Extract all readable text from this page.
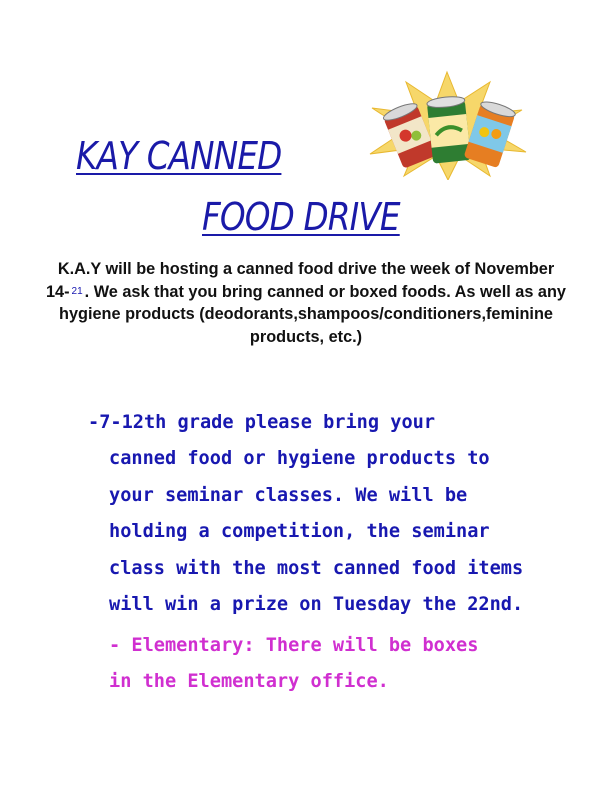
KAY CANNED
FOOD DRIVE
K.A.Y will be hosting a canned food drive the week of November 14- 21 . We ask that you bring canned or boxed foods. As well as any hygiene products (deodorants,shampoos/conditioners,feminine products, etc.)
-7-12th grade please bring your
canned food or hygiene products to
your seminar classes. We will be
holding a competition, the seminar
class with the most canned food items
will win a prize on Tuesday the 22nd.
- Elementary: There will be boxes
in the Elementary office.
